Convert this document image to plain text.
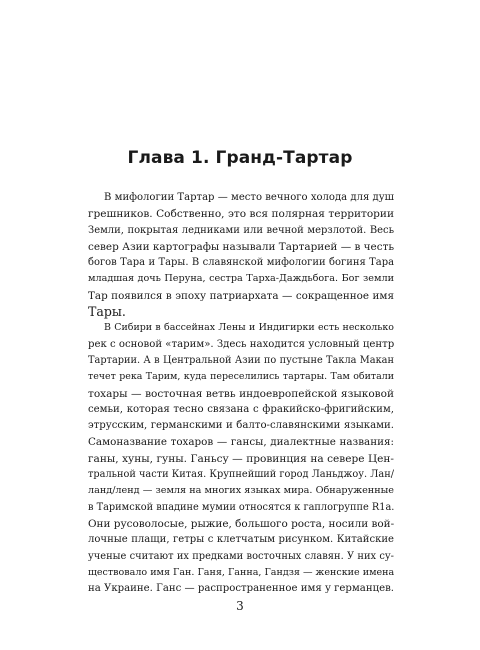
Глава 1. Гранд-Тартар
В мифологии Тартар — место вечного холода для душ
грешников. Собственно, это вся полярная территории
Земли, покрытая ледниками или вечной мерзлотой. Весь
север Азии картографы называли Тартарией — в честь
богов Тара и Тары. В славянской мифологии богиня Тара
младшая дочь Перуна, сестра Тарха-Даждьбога. Бог земли
Тар появился в эпоху патриархата — сокращенное имя
Тары.
В Сибири в бассейнах Лены и Индигирки есть несколько
рек с основой «тарим». Здесь находится условный центр
Тартарии. А в Центральной Азии по пустыне Такла Макан
течет река Тарим, куда переселились тартары. Там обитали
тохары — восточная ветвь индоевропейской языковой
семьи, которая тесно связана с фракийско-фригийским,
этрусским, германскими и балто-славянскими языками.
Самоназвание тохаров — гансы, диалектные названия:
ганы, хуны, гуны. Ганьсу — провинция на севере Цен-
тральной части Китая. Крупнейший город Ланьджоу. Лан/
ланд/ленд — земля на многих языках мира. Обнаруженные
в Таримской впадине мумии относятся к гаплогруппе R1a.
Они русоволосые, рыжие, большого роста, носили вой-
лочные плащи, гетры с клетчатым рисунком. Китайские
ученые считают их предками восточных славян. У них су-
ществовало имя Ган. Ганя, Ганна, Гандзя — женские имена
на Украине. Ганс — распространенное имя у германцев.
3
